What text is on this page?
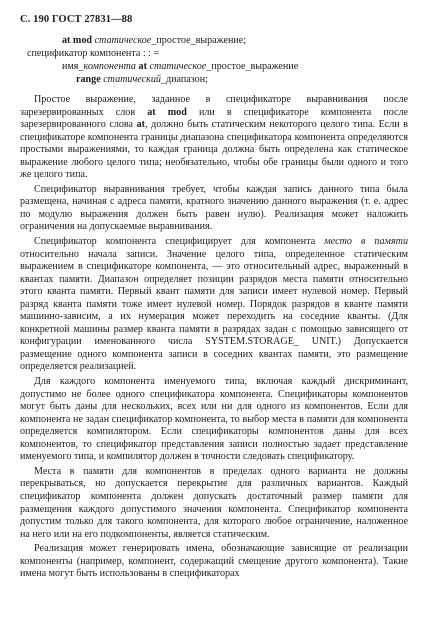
С. 190 ГОСТ 27831—88
at mod статическое_простое_выражение;
спецификатор компонента : : =
имя_компонента at статическое_простое_выражение
range статический_диапазон;

Простое выражение, заданное в спецификаторе выравнивания после зарезервированных слов at mod или в спецификаторе компонента после зарезервированного слова at, должно быть статическим некоторого целого типа. Если в спецификаторе компонента границы диапазона спецификатора компонента определяются простыми выражениями, то каждая граница должна быть определена как статическое выражение любого целого типа; необязательно, чтобы обе границы были одного и того же целого типа.

Спецификатор выравнивания требует, чтобы каждая запись данного типа была размещена, начиная с адреса памяти, кратного значению данного выражения (т. е. адрес по модулю выражения должен быть равен нулю). Реализация может наложить ограничения на допускаемые выравнивания.

Спецификатор компонента специфицирует для компонента место в памяти относительно начала записи. Значение целого типа, определенное статическим выражением в спецификаторе компонента, — это относительный адрес, выраженный в квантах памяти. Диапазон определяет позиции разрядов места памяти относительно этого кванта памяти. Первый квант памяти для записи имеет нулевой номер. Первый разряд кванта памяти тоже имеет нулевой номер. Порядок разрядов в кванте памяти машинно-зависим, а их нумерация может переходить на соседние кванты. (Для конкретной машины размер кванта памяти в разрядах задан с помощью зависящего от конфигурации именованного числа SYSTEM.STORAGE_ UNIT.) Допускается размещение одного компонента записи в соседних квантах памяти, это размещение определяется реализацией.

Для каждого компонента именуемого типа, включая каждый дискриминант, допустимо не более одного спецификатора компонента. Спецификаторы компонентов могут быть даны для нескольких, всех или ни для одного из компонентов. Если для компонента не задан спецификатор компонента, то выбор места в памяти для компонента определяется компилятором. Если спецификаторы компонентов даны для всех компонентов, то спецификатор представления записи полностью задает представление именуемого типа, и компилятор должен в точности следовать спецификатору.

Места в памяти для компонентов в пределах одного варианта не должны перекрываться, но допускается перекрытие для различных вариантов. Каждый спецификатор компонента должен допускать достаточный размер памяти для размещения каждого допустимого значения компонента. Спецификатор компонента допустим только для такого компонента, для которого любое ограничение, наложенное на него или на его подкомпоненты, является статическим.

Реализация может генерировать имена, обозначающие зависящие от реализации компоненты (например, компонент, содержащий смещение другого компонента). Такие имена могут быть использованы в спецификаторах
